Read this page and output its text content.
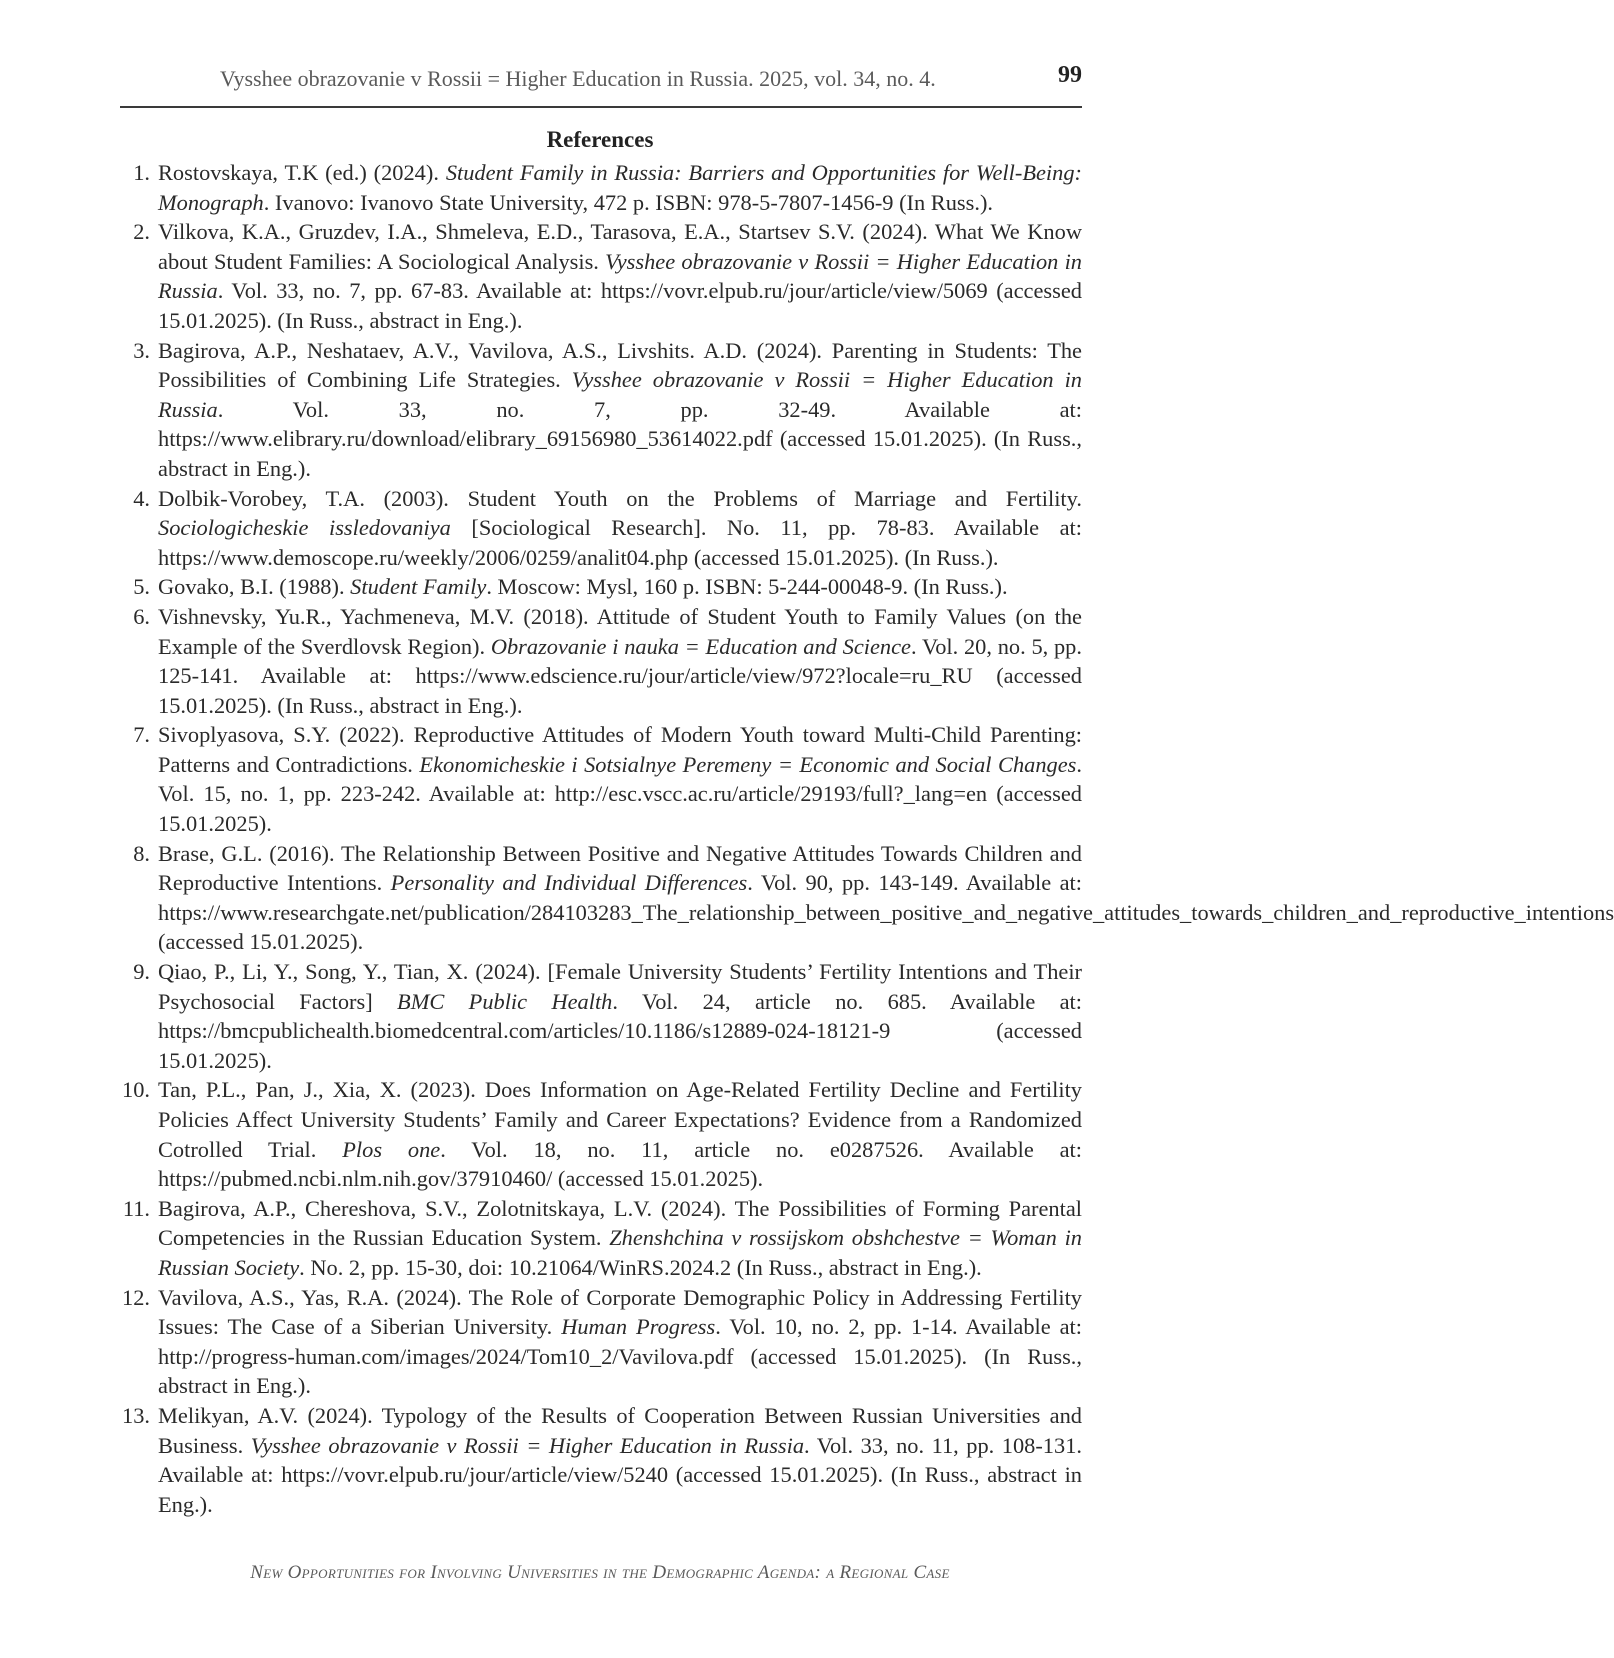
Vysshee obrazovanie v Rossii = Higher Education in Russia. 2025, vol. 34, no. 4.	99
References
1. Rostovskaya, T.K (ed.) (2024). Student Family in Russia: Barriers and Opportunities for Well-Being: Monograph. Ivanovo: Ivanovo State University, 472 p. ISBN: 978-5-7807-1456-9 (In Russ.).
2. Vilkova, K.A., Gruzdev, I.A., Shmeleva, E.D., Tarasova, E.A., Startsev S.V. (2024). What We Know about Student Families: A Sociological Analysis. Vysshee obrazovanie v Rossii = Higher Education in Russia. Vol. 33, no. 7, pp. 67-83. Available at: https://vovr.elpub.ru/jour/article/view/5069 (accessed 15.01.2025). (In Russ., abstract in Eng.).
3. Bagirova, A.P., Neshataev, A.V., Vavilova, A.S., Livshits. A.D. (2024). Parenting in Students: The Possibilities of Combining Life Strategies. Vysshee obrazovanie v Rossii = Higher Education in Russia. Vol. 33, no. 7, pp. 32-49. Available at: https://www.elibrary.ru/download/elibrary_69156980_53614022.pdf (accessed 15.01.2025). (In Russ., abstract in Eng.).
4. Dolbik-Vorobey, T.A. (2003). Student Youth on the Problems of Marriage and Fertility. Sociologicheskie issledovaniya [Sociological Research]. No. 11, pp. 78-83. Available at: https://www.demoscope.ru/weekly/2006/0259/analit04.php (accessed 15.01.2025). (In Russ.).
5. Govako, B.I. (1988). Student Family. Moscow: Mysl, 160 p. ISBN: 5-244-00048-9. (In Russ.).
6. Vishnevsky, Yu.R., Yachmeneva, M.V. (2018). Attitude of Student Youth to Family Values (on the Example of the Sverdlovsk Region). Obrazovanie i nauka = Education and Science. Vol. 20, no. 5, pp. 125-141. Available at: https://www.edscience.ru/jour/article/view/972?locale=ru_RU (accessed 15.01.2025). (In Russ., abstract in Eng.).
7. Sivoplyasova, S.Y. (2022). Reproductive Attitudes of Modern Youth toward Multi-Child Parenting: Patterns and Contradictions. Ekonomicheskie i Sotsialnye Peremeny = Economic and Social Changes. Vol. 15, no. 1, pp. 223-242. Available at: http://esc.vscc.ac.ru/article/29193/full?_lang=en (accessed 15.01.2025).
8. Brase, G.L. (2016). The Relationship Between Positive and Negative Attitudes Towards Children and Reproductive Intentions. Personality and Individual Differences. Vol. 90, pp. 143-149. Available at: https://www.researchgate.net/publication/284103283_The_relationship_between_positive_and_negative_attitudes_towards_children_and_reproductive_intentions (accessed 15.01.2025).
9. Qiao, P., Li, Y., Song, Y., Tian, X. (2024). [Female University Students’ Fertility Intentions and Their Psychosocial Factors] BMC Public Health. Vol. 24, article no. 685. Available at: https://bmcpublichealth.biomedcentral.com/articles/10.1186/s12889-024-18121-9 (accessed 15.01.2025).
10. Tan, P.L., Pan, J., Xia, X. (2023). Does Information on Age-Related Fertility Decline and Fertility Policies Affect University Students’ Family and Career Expectations? Evidence from a Randomized Cotrolled Trial. Plos one. Vol. 18, no. 11, article no. e0287526. Available at: https://pubmed.ncbi.nlm.nih.gov/37910460/ (accessed 15.01.2025).
11. Bagirova, A.P., Chereshova, S.V., Zolotnitskaya, L.V. (2024). The Possibilities of Forming Parental Competencies in the Russian Education System. Zhenshchina v rossijskom obshchestve = Woman in Russian Society. No. 2, pp. 15-30, doi: 10.21064/WinRS.2024.2 (In Russ., abstract in Eng.).
12. Vavilova, A.S., Yas, R.A. (2024). The Role of Corporate Demographic Policy in Addressing Fertility Issues: The Case of a Siberian University. Human Progress. Vol. 10, no. 2, pp. 1-14. Available at: http://progress-human.com/images/2024/Tom10_2/Vavilova.pdf (accessed 15.01.2025). (In Russ., abstract in Eng.).
13. Melikyan, A.V. (2024). Typology of the Results of Cooperation Between Russian Universities and Business. Vysshee obrazovanie v Rossii = Higher Education in Russia. Vol. 33, no. 11, pp. 108-131. Available at: https://vovr.elpub.ru/jour/article/view/5240 (accessed 15.01.2025). (In Russ., abstract in Eng.).
New Opportunities for Involving Universities in the Demographic Agenda: a Regional Case
